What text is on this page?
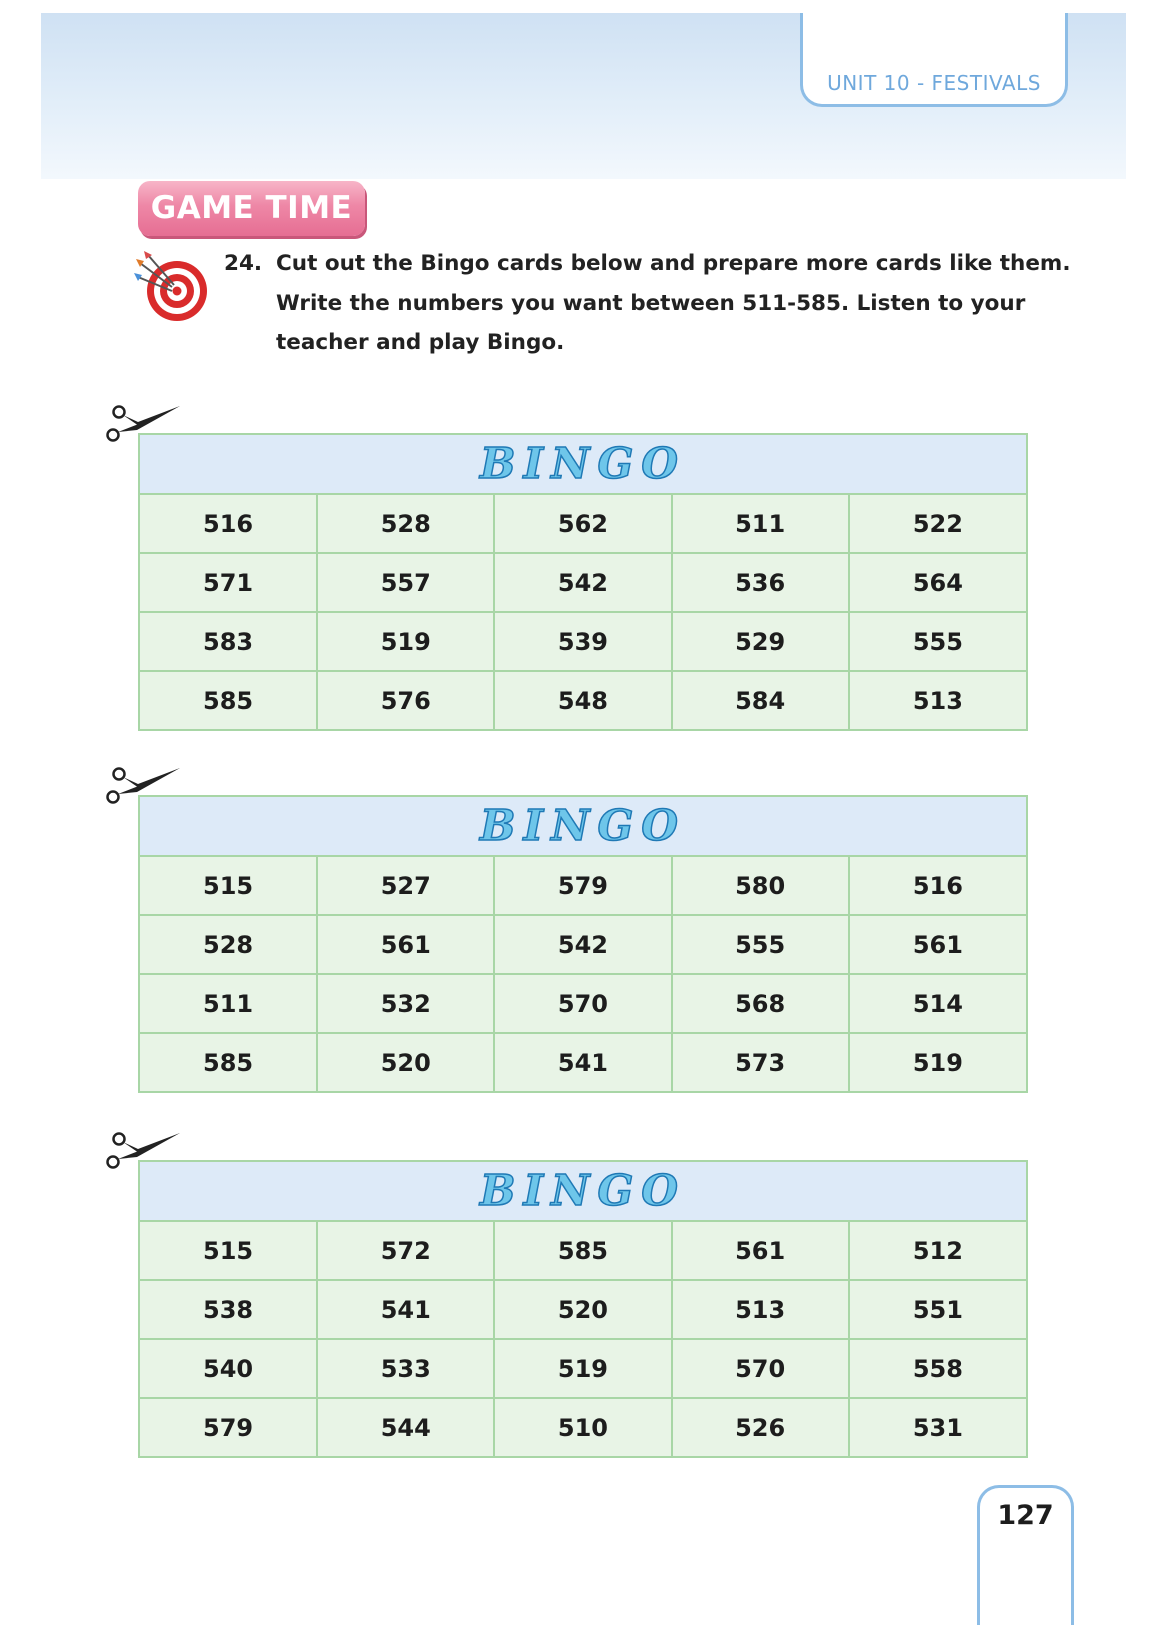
UNIT 10 - FESTIVALS
GAME TIME
24. Cut out the Bingo cards below and prepare more cards like them.
Write the numbers you want between 511-585. Listen to your
teacher and play Bingo.
BINGO
516	528	562	511	522
571	557	542	536	564
583	519	539	529	555
585	576	548	584	513
BINGO
515	527	579	580	516
528	561	542	555	561
511	532	570	568	514
585	520	541	573	519
BINGO
515	572	585	561	512
538	541	520	513	551
540	533	519	570	558
579	544	510	526	531
127
